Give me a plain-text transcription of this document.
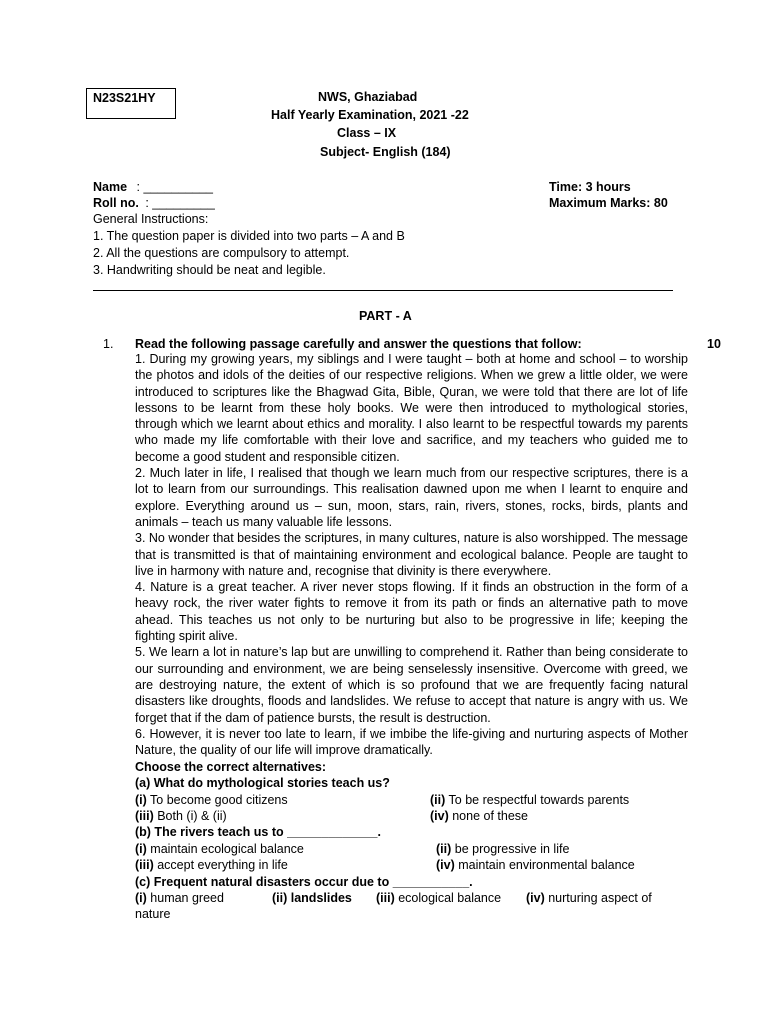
N23S21HY	NWS, Ghaziabad
Half Yearly Examination, 2021 -22
Class – IX
Subject- English (184)
Name : __________
Roll no. : _________
Time: 3 hours
Maximum Marks: 80
General Instructions:
1. The question paper is divided into two parts – A and B
2. All the questions are compulsory to attempt.
3. Handwriting should be neat and legible.
PART - A
1.	10
Read the following passage carefully and answer the questions that follow:
1. During my growing years, my siblings and I were taught – both at home and school – to worship the photos and idols of the deities of our respective religions. When we grew a little older, we were introduced to scriptures like the Bhagwad Gita, Bible, Quran, we were told that there are lot of life lessons to be learnt from these holy books. We were then introduced to mythological stories, through which we learnt about ethics and morality. I also learnt to be respectful towards my parents who made my life comfortable with their love and sacrifice, and my teachers who guided me to become a good student and responsible citizen.
2. Much later in life, I realised that though we learn much from our respective scriptures, there is a lot to learn from our surroundings. This realisation dawned upon me when I learnt to enquire and explore. Everything around us – sun, moon, stars, rain, rivers, stones, rocks, birds, plants and animals – teach us many valuable life lessons.
3. No wonder that besides the scriptures, in many cultures, nature is also worshipped. The message that is transmitted is that of maintaining environment and ecological balance. People are taught to live in harmony with nature and, recognise that divinity is there everywhere.
4. Nature is a great teacher. A river never stops flowing. If it finds an obstruction in the form of a heavy rock, the river water fights to remove it from its path or finds an alternative path to move ahead. This teaches us not only to be nurturing but also to be progressive in life; keeping the fighting spirit alive.
5. We learn a lot in nature’s lap but are unwilling to comprehend it. Rather than being considerate to our surrounding and environment, we are being senselessly insensitive. Overcome with greed, we are destroying nature, the extent of which is so profound that we are frequently facing natural disasters like droughts, floods and landslides. We refuse to accept that nature is angry with us. We forget that if the dam of patience bursts, the result is destruction.
6. However, it is never too late to learn, if we imbibe the life-giving and nurturing aspects of Mother Nature, the quality of our life will improve dramatically.
Choose the correct alternatives:
(a) What do mythological stories teach us?
(i) To become good citizens	(ii) To be respectful towards parents
(iii) Both (i) & (ii)	(iv) none of these
(b) The rivers teach us to _____________.
(i) maintain ecological balance	(ii) be progressive in life
(iii) accept everything in life	(iv) maintain environmental balance
(c) Frequent natural disasters occur due to ___________.
(i) human greed	(ii) landslides (iii) ecological balance (iv) nurturing aspect of
nature
